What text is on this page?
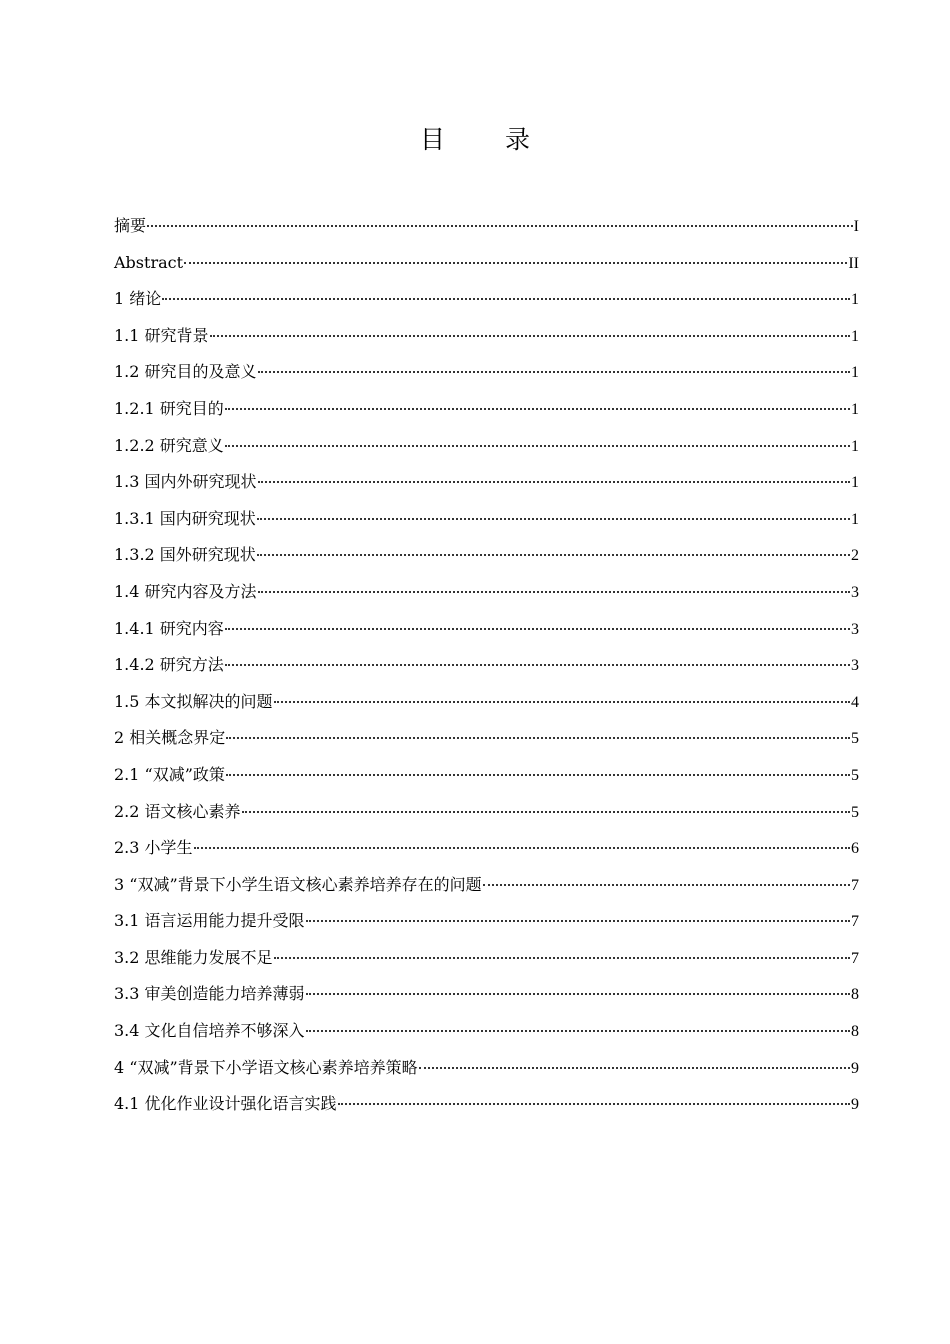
目 录
摘要	I
Abstract	II
1 绪论	1
1.1 研究背景	1
1.2 研究目的及意义	1
1.2.1 研究目的	1
1.2.2 研究意义	1
1.3 国内外研究现状	1
1.3.1 国内研究现状	1
1.3.2 国外研究现状	2
1.4 研究内容及方法	3
1.4.1 研究内容	3
1.4.2 研究方法	3
1.5 本文拟解决的问题	4
2 相关概念界定	5
2.1 “双减”政策	5
2.2 语文核心素养	5
2.3 小学生	6
3 “双减”背景下小学生语文核心素养培养存在的问题	7
3.1 语言运用能力提升受限	7
3.2 思维能力发展不足	7
3.3 审美创造能力培养薄弱	8
3.4 文化自信培养不够深入	8
4 “双减”背景下小学语文核心素养培养策略	9
4.1 优化作业设计强化语言实践	9
